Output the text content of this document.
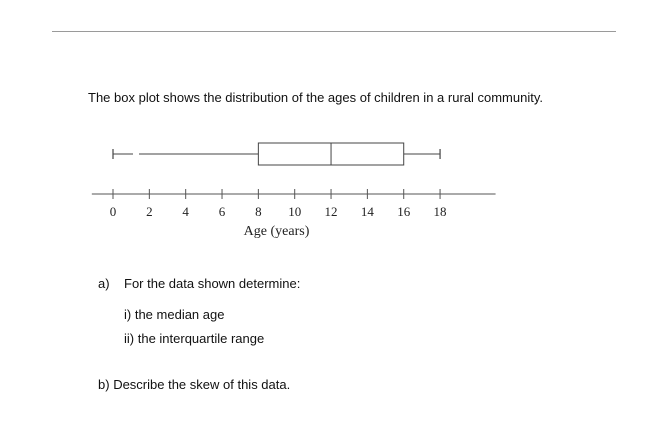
The box plot shows the distribution of the ages of children in a rural community.
0 2 4 6 8 10 12 14 16 18
Age (years)
a) For the data shown determine:
i) the median age
ii) the interquartile range
b) Describe the skew of this data.
